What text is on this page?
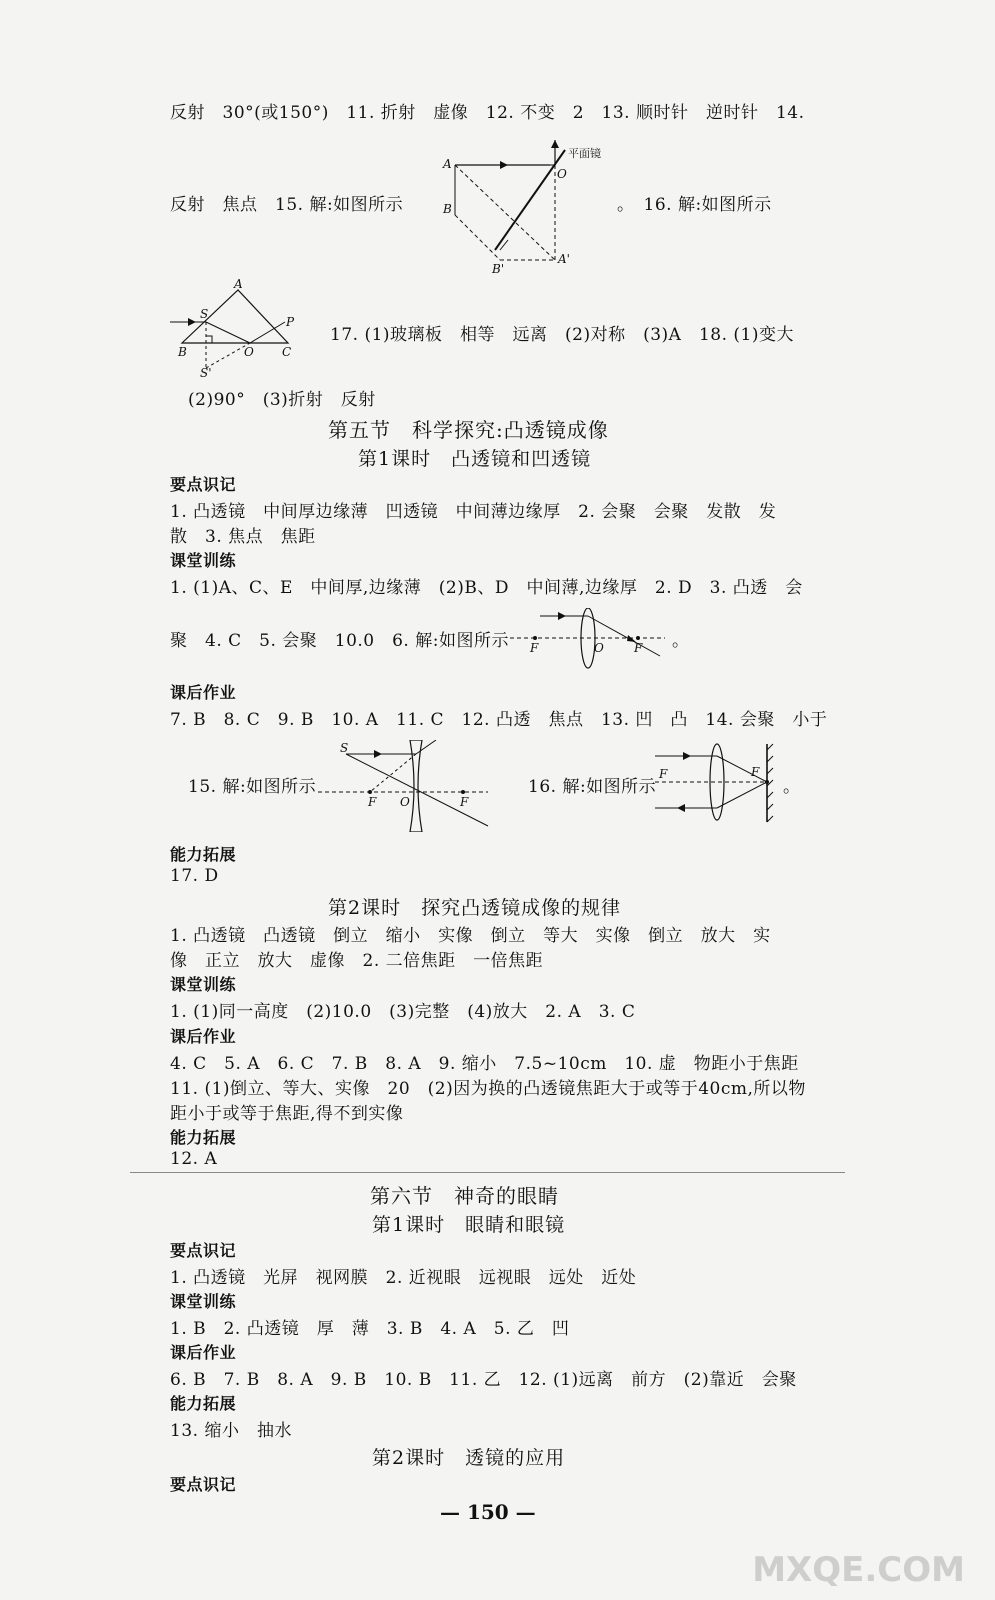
反射　30°(或150°)　11. 折射　虚像　12. 不变　2　13. 顺时针　逆时针　14.
A
B
O
B'
A'
平面镜
反射　焦点　15. 解:如图所示	。　16. 解:如图所示
A
S
P
B	O C
S'
17. (1)玻璃板　相等　远离　(2)对称　(3)A　18. (1)变大
(2)90°　(3)折射　反射
第五节　科学探究:凸透镜成像
第1课时　凸透镜和凹透镜
要点识记
1. 凸透镜　中间厚边缘薄　凹透镜　中间薄边缘厚　2. 会聚　会聚　发散　发
散　3. 焦点　焦距
课堂训练
1. (1)A、C、E　中间厚,边缘薄　(2)B、D　中间薄,边缘厚　2. D　3. 凸透　会
聚　4. C　5. 会聚　10.0　6. 解:如图所示 F	O	F 。
课后作业
7. B　8. C　9. B　10. A　11. C　12. 凸透　焦点　13. 凹　凸　14. 会聚　小于
15. 解:如图所示
S
F O	F
16. 解:如图所示
F	F
。
能力拓展
17. D
第2课时　探究凸透镜成像的规律
1. 凸透镜　凸透镜　倒立　缩小　实像　倒立　等大　实像　倒立　放大　实
像　正立　放大　虚像　2. 二倍焦距　一倍焦距
课堂训练
1. (1)同一高度　(2)10.0　(3)完整　(4)放大　2. A　3. C
课后作业
4. C　5. A　6. C　7. B　8. A　9. 缩小　7.5~10cm　10. 虚　物距小于焦距
11. (1)倒立、等大、实像　20　(2)因为换的凸透镜焦距大于或等于40cm,所以物
距小于或等于焦距,得不到实像
能力拓展
12. A
第六节　神奇的眼睛
第1课时　眼睛和眼镜
要点识记
1. 凸透镜　光屏　视网膜　2. 近视眼　远视眼　远处　近处
课堂训练
1. B　2. 凸透镜　厚　薄　3. B　4. A　5. 乙　凹
课后作业
6. B　7. B　8. A　9. B　10. B　11. 乙　12. (1)远离　前方　(2)靠近　会聚
能力拓展
13. 缩小　抽水
第2课时　透镜的应用
要点识记
— 150 —
MXQE.COM
